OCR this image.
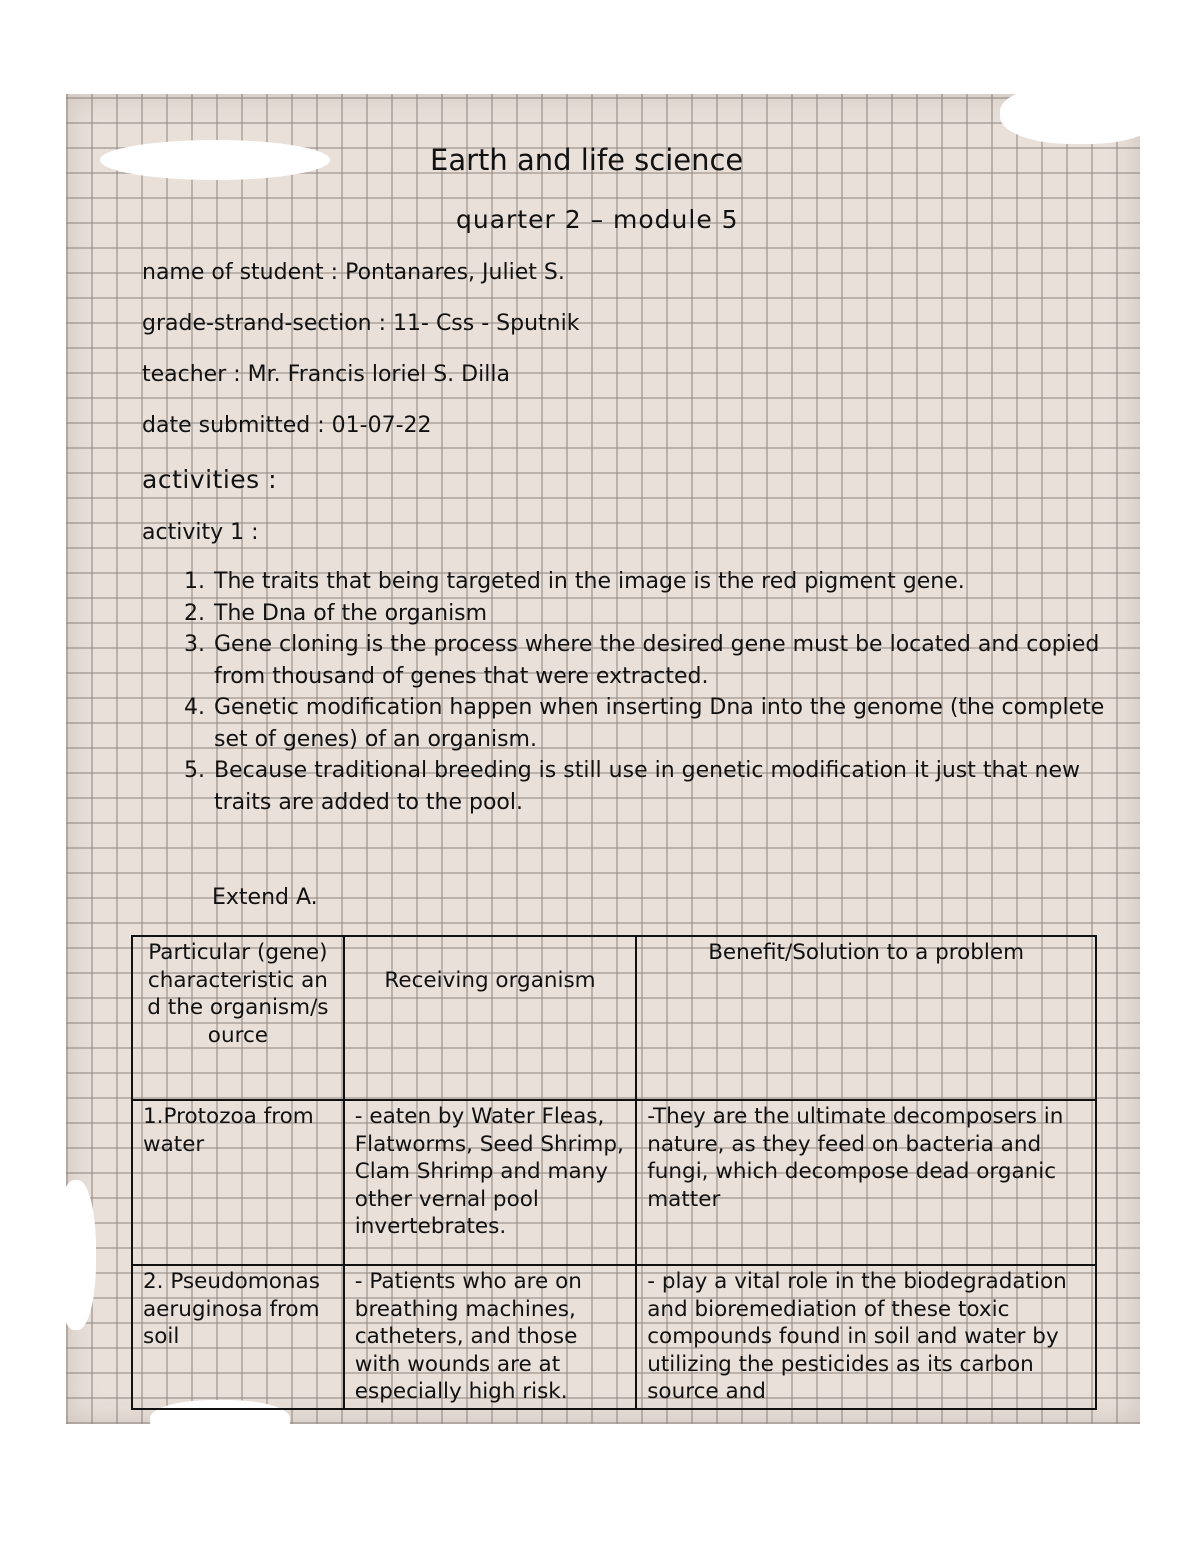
Earth and life science
quarter 2 – module 5
name of student : Pontanares, Juliet S.
grade-strand-section : 11- Css - Sputnik
teacher : Mr. Francis loriel S. Dilla
date submitted : 01-07-22
activities :
activity 1 :
1. The traits that being targeted in the image is the red pigment gene.
2. The Dna of the organism
3. Gene cloning is the process where the desired gene must be located and copied from thousand of genes that were extracted.
4. Genetic modification happen when inserting Dna into the genome (the complete set of genes) of an organism.
5. Because traditional breeding is still use in genetic modification it just that new traits are added to the pool.
Extend A.
Particular (gene) characteristic and the organism/source	Receiving organism	Benefit/Solution to a problem
1.Protozoa from water	- eaten by Water Fleas, Flatworms, Seed Shrimp, Clam Shrimp and many other vernal pool invertebrates.	-They are the ultimate decomposers in nature, as they feed on bacteria and fungi, which decompose dead organic matter
2. Pseudomonas aeruginosa from soil	- Patients who are on breathing machines, catheters, and those with wounds are at especially high risk.	- play a vital role in the biodegradation and bioremediation of these toxic compounds found in soil and water by utilizing the pesticides as its carbon source and
